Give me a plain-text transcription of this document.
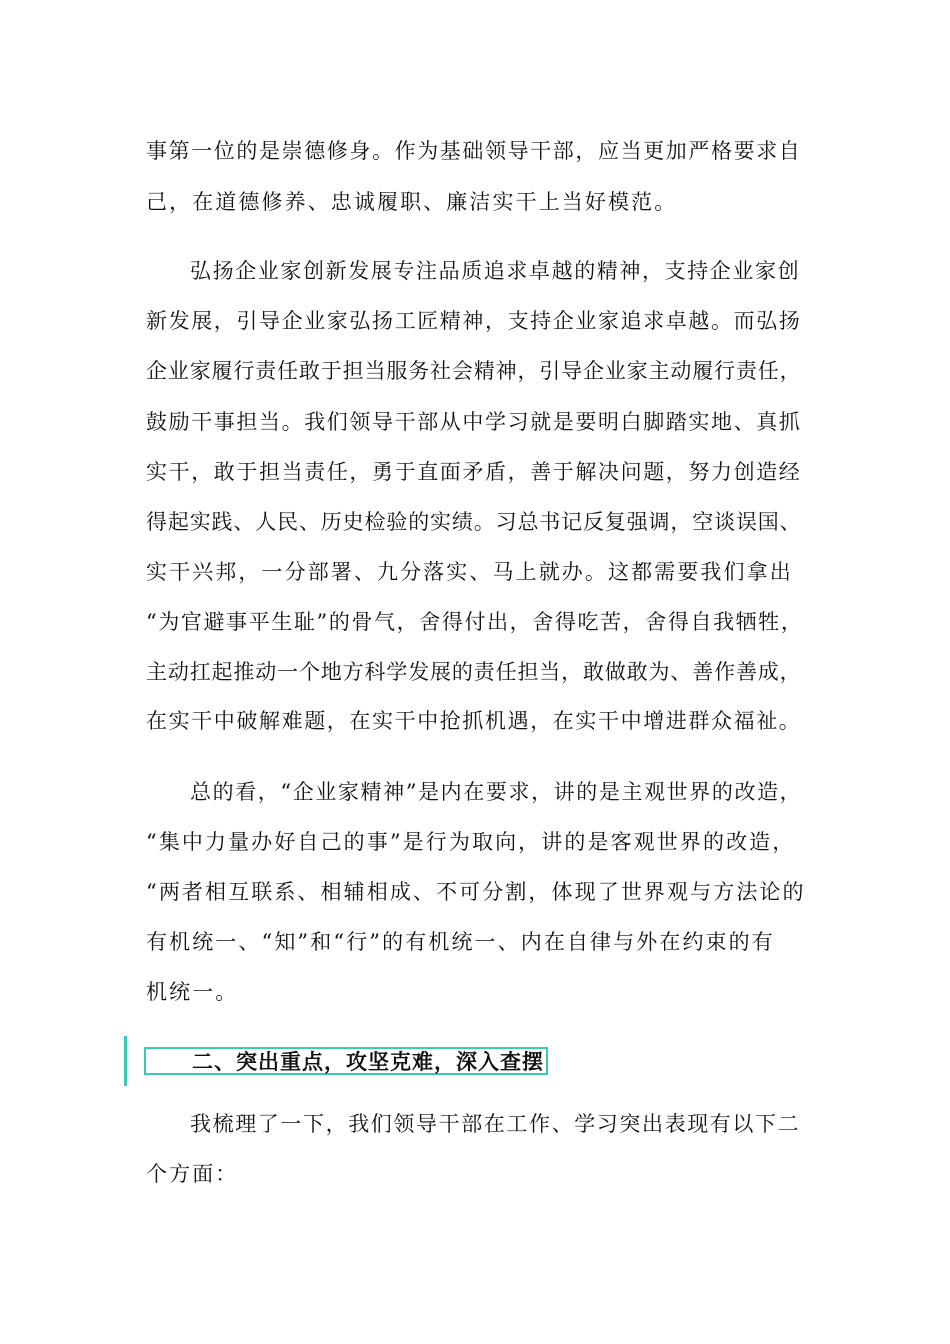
事第一位的是崇德修身。作为基础领导干部，应当更加严格要求自
己，在道德修养、忠诚履职、廉洁实干上当好模范。
弘扬企业家创新发展专注品质追求卓越的精神，支持企业家创
新发展，引导企业家弘扬工匠精神，支持企业家追求卓越。而弘扬
企业家履行责任敢于担当服务社会精神，引导企业家主动履行责任，
鼓励干事担当。我们领导干部从中学习就是要明白脚踏实地、真抓
实干，敢于担当责任，勇于直面矛盾，善于解决问题，努力创造经
得起实践、人民、历史检验的实绩。习总书记反复强调，空谈误国、
实干兴邦，一分部署、九分落实、马上就办。这都需要我们拿出
“为官避事平生耻”的骨气，舍得付出，舍得吃苦，舍得自我牺牲，
主动扛起推动一个地方科学发展的责任担当，敢做敢为、善作善成，
在实干中破解难题，在实干中抢抓机遇，在实干中增进群众福祉。
总的看，“企业家精神”是内在要求，讲的是主观世界的改造，
“集中力量办好自己的事”是行为取向，讲的是客观世界的改造，
“两者相互联系、相辅相成、不可分割，体现了世界观与方法论的
有机统一、“知”和“行”的有机统一、内在自律与外在约束的有
机统一。
二、突出重点，攻坚克难，深入查摆
我梳理了一下，我们领导干部在工作、学习突出表现有以下二
个方面：
